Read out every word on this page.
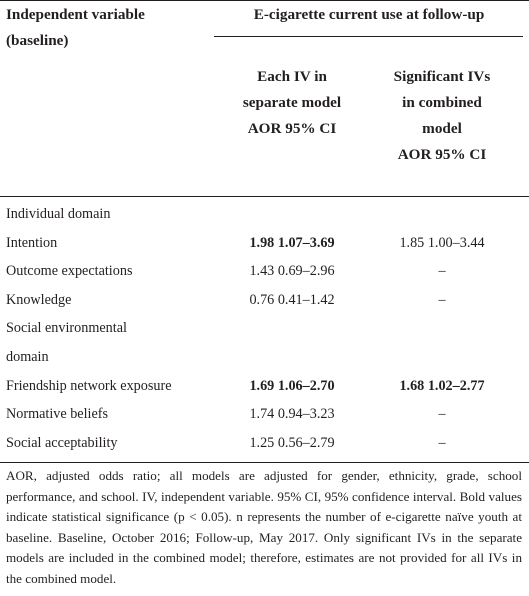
Independent variable
(baseline)
E-cigarette current use at follow-up
Each IV in
separate model
AOR 95% CI
Significant IVs
in combined
model
AOR 95% CI
Individual domain
Intention	1.98 1.07–3.69	1.85 1.00–3.44
Outcome expectations	1.43 0.69–2.96	–
Knowledge	0.76 0.41–1.42	–
Social environmental
domain
Friendship network exposure	1.69 1.06–2.70	1.68 1.02–2.77
Normative beliefs	1.74 0.94–3.23	–
Social acceptability	1.25 0.56–2.79	–
AOR, adjusted odds ratio; all models are adjusted for gender, ethnicity, grade, school performance, and school. IV, independent variable. 95% CI, 95% confidence interval. Bold values indicate statistical significance (p < 0.05). n represents the number of e-cigarette naïve youth at baseline. Baseline, October 2016; Follow-up, May 2017. Only significant IVs in the separate models are included in the combined model; therefore, estimates are not provided for all IVs in the combined model.
